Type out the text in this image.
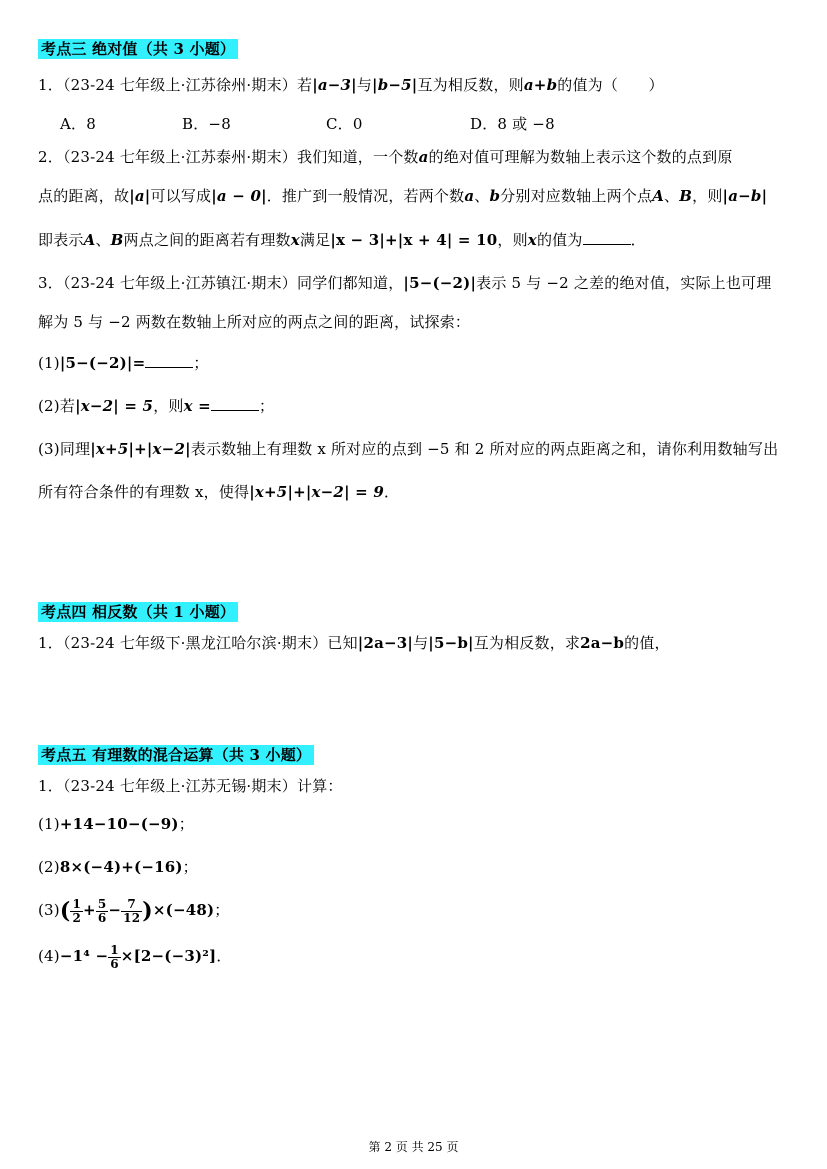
考点三 绝对值（共 3 小题）
1．（23-24 七年级上·江苏徐州·期末）若|a−3|与|b−5|互为相反数，则a+b的值为（　　）
A．8	B．−8	C．0	D．8 或 −8
2．（23-24 七年级上·江苏泰州·期末）我们知道，一个数a的绝对值可理解为数轴上表示这个数的点到原
点的距离，故|a|可以写成|a − 0|．推广到一般情况，若两个数a、b分别对应数轴上两个点A、B，则|a−b|
即表示A、B两点之间的距离若有理数x满足|x − 3|+|x + 4| = 10，则x的值为	．
3．（23-24 七年级上·江苏镇江·期末）同学们都知道，|5−(−2)|表示 5 与 −2 之差的绝对值，实际上也可理
解为 5 与 −2 两数在数轴上所对应的两点之间的距离，试探索：
(1)|5−(−2)|=	；
(2)若|x−2| = 5，则x =	；
(3)同理|x+5|+|x−2|表示数轴上有理数 x 所对应的点到 −5 和 2 所对应的两点距离之和，请你利用数轴写出
所有符合条件的有理数 x，使得|x+5|+|x−2| = 9．
考点四 相反数（共 1 小题）
1．（23-24 七年级下·黑龙江哈尔滨·期末）已知|2a−3|与|5−b|互为相反数，求2a−b的值，
考点五 有理数的混合运算（共 3 小题）
1．（23-24 七年级上·江苏无锡·期末）计算：
(1)+14−10−(−9)；
(2)8×(−4)+(−16)；
$(3)( \frac{1}{2} + \frac{5}{6} - \frac{7}{12} )\times(-48)$；
$(4)-1^4 - \frac{1}{6} \times[2-(-3)^2]$．
第 2 页 共 25 页
